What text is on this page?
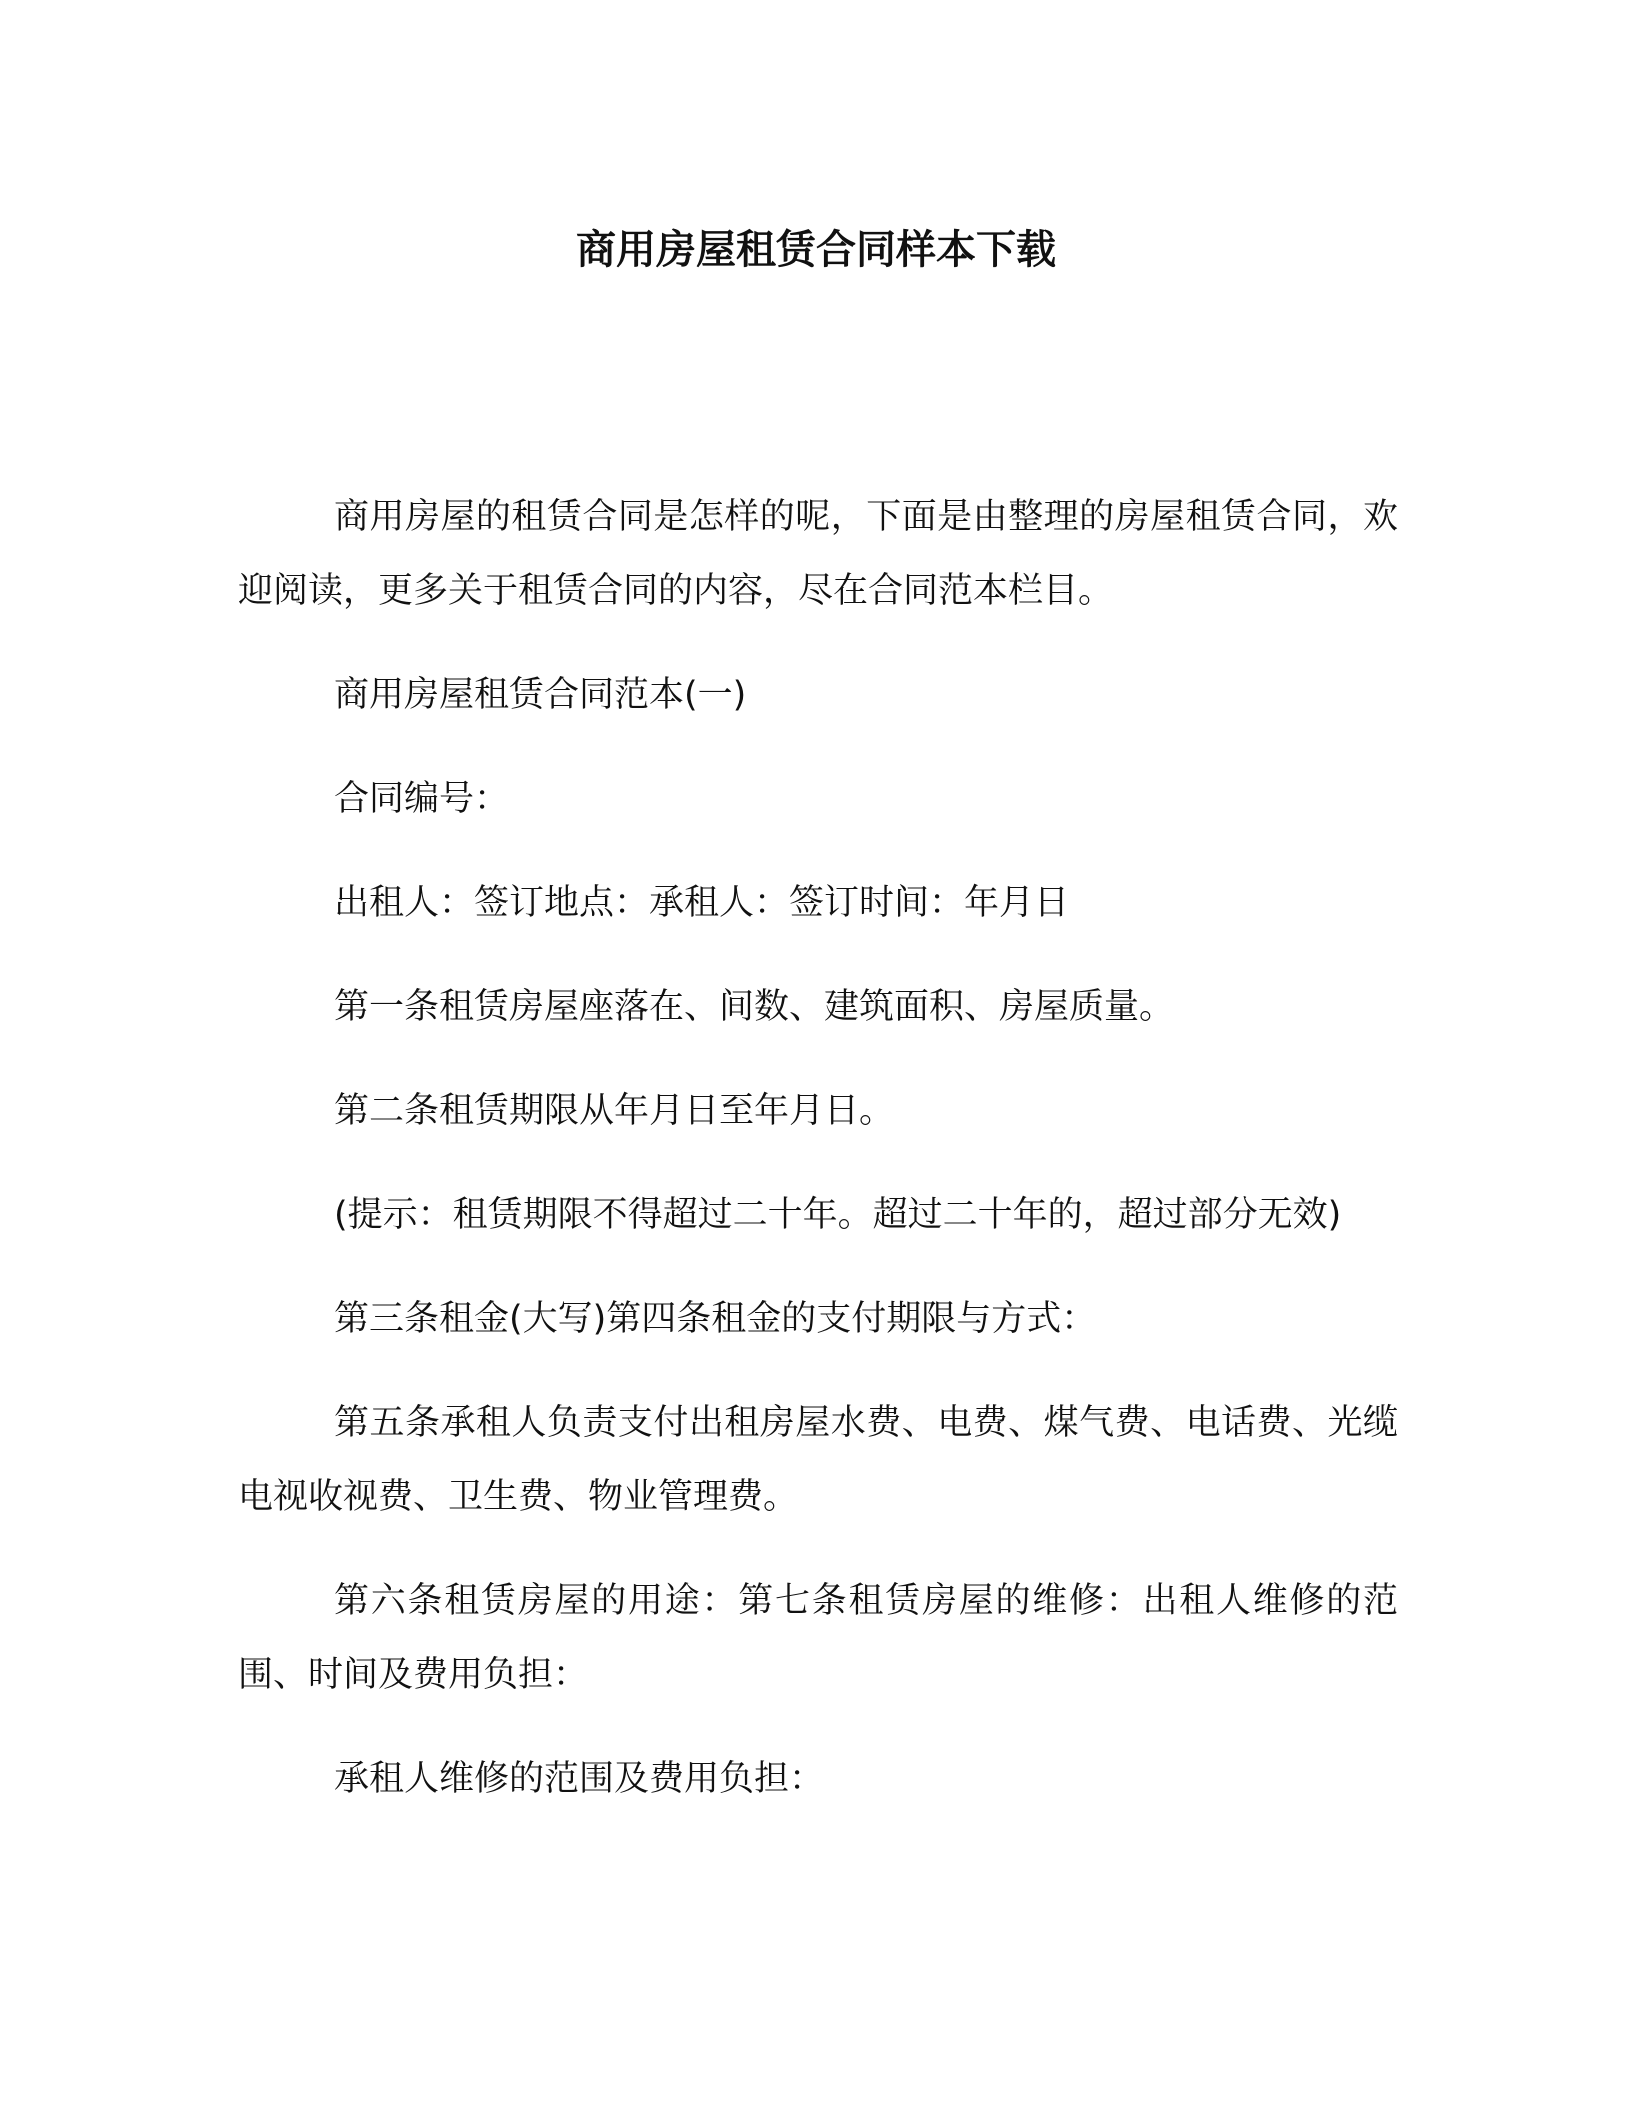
商用房屋租赁合同样本下载

商用房屋的租赁合同是怎样的呢，下面是由整理的房屋租赁合同，欢迎阅读，更多关于租赁合同的内容，尽在合同范本栏目。

商用房屋租赁合同范本(一)

合同编号：

出租人：签订地点：承租人：签订时间：年月日

第一条租赁房屋座落在、间数、建筑面积、房屋质量。

第二条租赁期限从年月日至年月日。

(提示：租赁期限不得超过二十年。超过二十年的，超过部分无效)

第三条租金(大写)第四条租金的支付期限与方式：

第五条承租人负责支付出租房屋水费、电费、煤气费、电话费、光缆电视收视费、卫生费、物业管理费。

第六条租赁房屋的用途：第七条租赁房屋的维修：出租人维修的范围、时间及费用负担：

承租人维修的范围及费用负担：
